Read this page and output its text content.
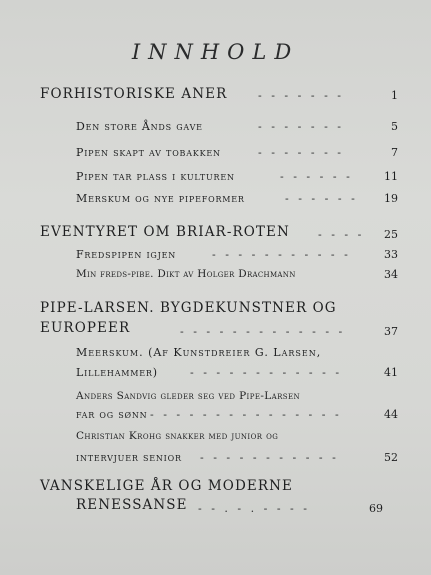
INNHOLD
FORHISTORISKE ANER	- - - - - - -	1
Den store Ånds gave	- - - - - - -	5
Pipen skapt av tobakken	- - - - - - -	7
Pipen tar plass i kulturen	- - - - - -	11
Merskum og nye pipeformer	- - - - - -	19
EVENTYRET OM BRIAR-ROTEN	- - - -	25
Fredspipen igjen	- - - - - - - - - - -	33
Min freds-pibe. Dikt av Holger Drachmann	34
PIPE-LARSEN. BYGDEKUNSTNER OG
EUROPEER	- - - - - - - - - - - - -	37
Meerskum. (Af Kunstdreier G. Larsen,
Lillehammer)	- - - - - - - - - - - -	41
Anders Sandvig gleder seg ved Pipe-Larsen
far og sønn - - - - - - - - - - - - - - -	44
Christian Krohg snakker med junior og
intervjuer senior - - - - - - - - - - -	52
VANSKELIGE ÅR OG MODERNE
RENESSANSE - - . - . - - - -	69
